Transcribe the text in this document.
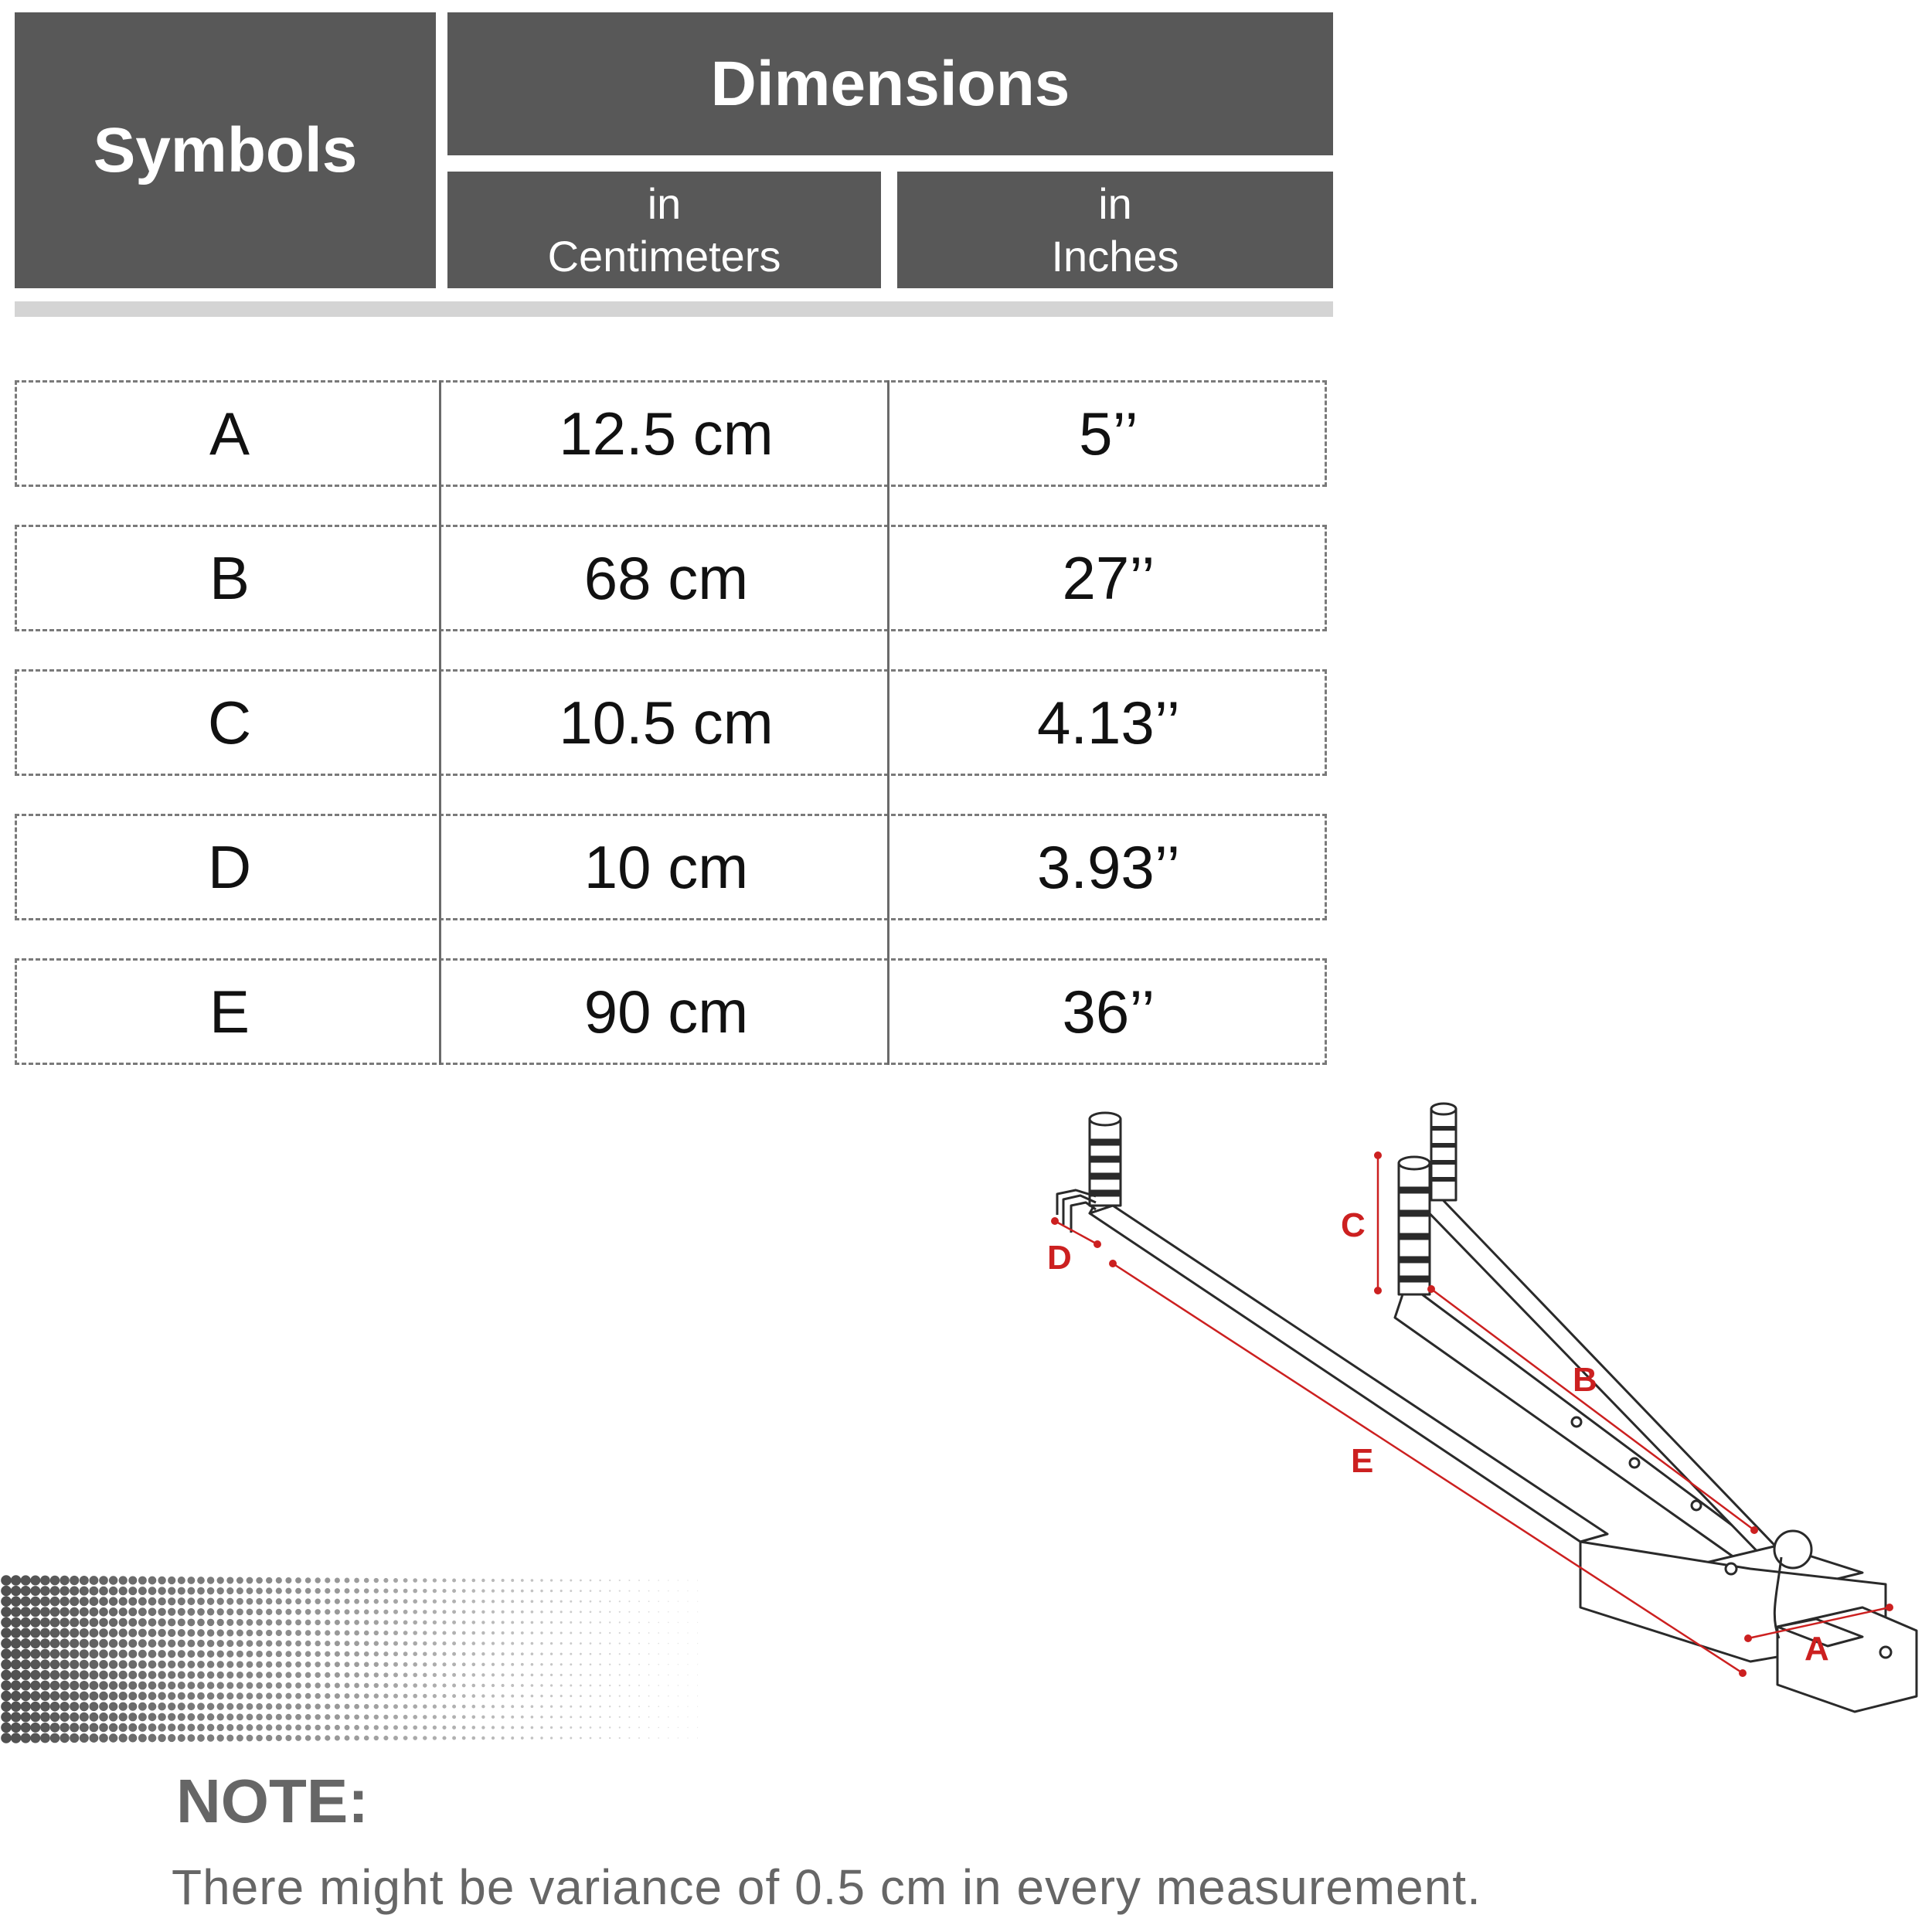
Symbols
Dimensions
in
Centimeters
in
Inches
A	12.5 cm	5’’
B	68 cm	27’’
C	10.5 cm	4.13’’
D	10 cm	3.93’’
E	90 cm	36’’
D
C
B
E
A
NOTE:
There might be variance of 0.5 cm in every measurement.
